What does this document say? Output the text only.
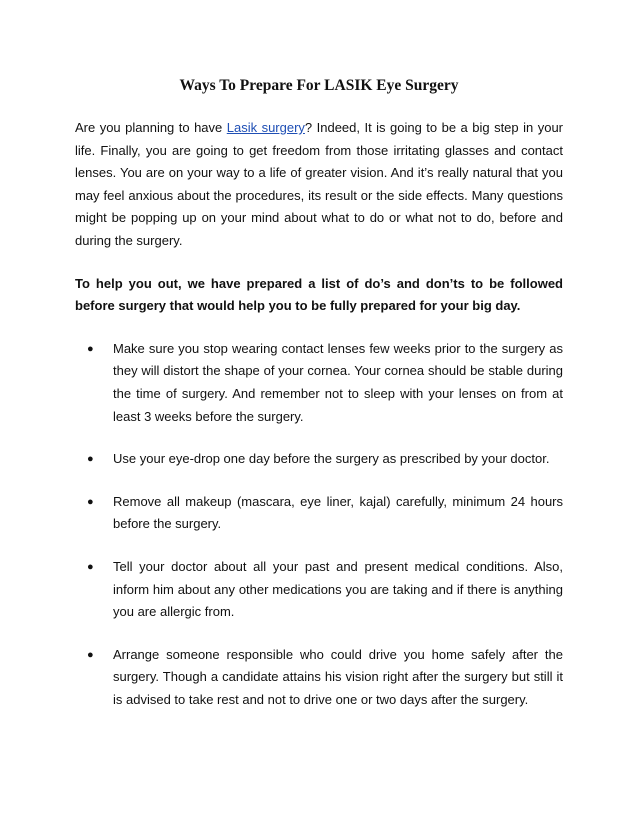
Ways To Prepare For LASIK Eye Surgery

Are you planning to have Lasik surgery? Indeed, It is going to be a big step in your life. Finally, you are going to get freedom from those irritating glasses and contact lenses. You are on your way to a life of greater vision. And it’s really natural that you may feel anxious about the procedures, its result or the side effects. Many questions might be popping up on your mind about what to do or what not to do, before and during the surgery.

To help you out, we have prepared a list of do’s and don’ts to be followed before surgery that would help you to be fully prepared for your big day.

● Make sure you stop wearing contact lenses few weeks prior to the surgery as they will distort the shape of your cornea. Your cornea should be stable during the time of surgery. And remember not to sleep with your lenses on from at least 3 weeks before the surgery.
● Use your eye-drop one day before the surgery as prescribed by your doctor.
● Remove all makeup (mascara, eye liner, kajal) carefully, minimum 24 hours before the surgery.
● Tell your doctor about all your past and present medical conditions. Also, inform him about any other medications you are taking and if there is anything you are allergic from.
● Arrange someone responsible who could drive you home safely after the surgery. Though a candidate attains his vision right after the surgery but still it is advised to take rest and not to drive one or two days after the surgery.
